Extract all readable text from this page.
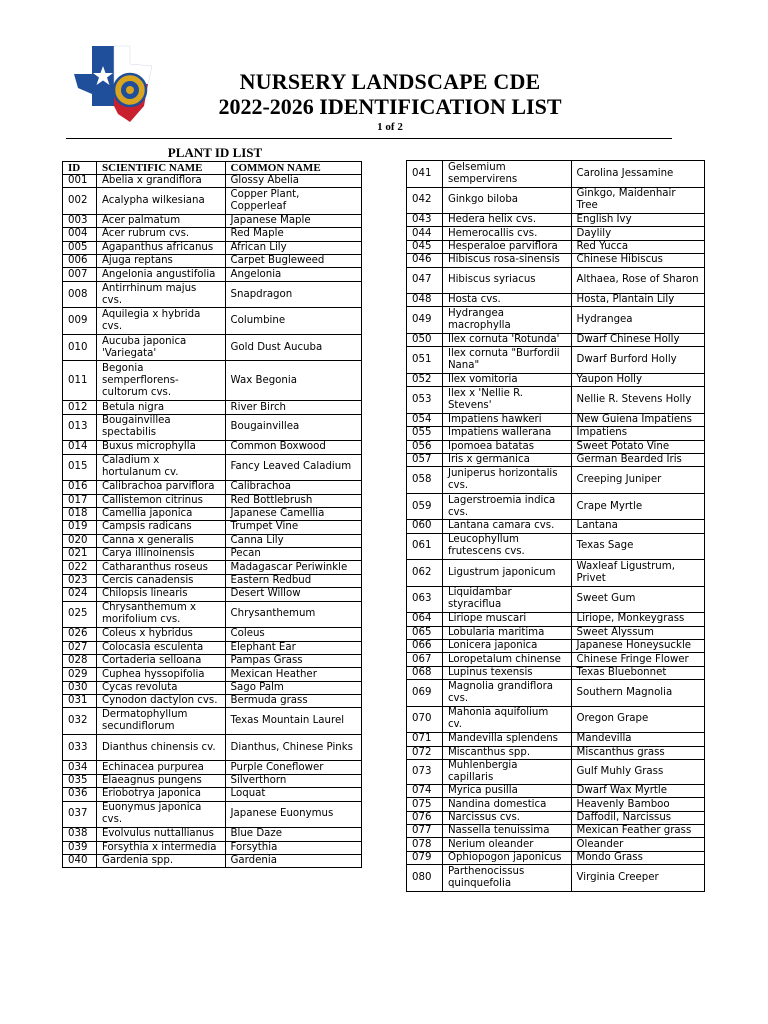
NURSERY LANDSCAPE CDE
2022-2026 IDENTIFICATION LIST
1 of 2
PLANT ID LIST
ID	SCIENTIFIC NAME	COMMON NAME
001	Abelia x grandiflora	Glossy Abelia
002	Acalypha wilkesiana	Copper Plant, Copperleaf
003	Acer palmatum	Japanese Maple
004	Acer rubrum cvs.	Red Maple
005	Agapanthus africanus	African Lily
006	Ajuga reptans	Carpet Bugleweed
007	Angelonia angustifolia	Angelonia
008	Antirrhinum majus cvs.	Snapdragon
009	Aquilegia x hybrida cvs.	Columbine
010	Aucuba japonica 'Variegata'	Gold Dust Aucuba
011	Begonia semperflorens-cultorum cvs.	Wax Begonia
012	Betula nigra	River Birch
013	Bougainvillea spectabilis	Bougainvillea
014	Buxus microphylla	Common Boxwood
015	Caladium x hortulanum cv.	Fancy Leaved Caladium
016	Calibrachoa parviflora	Calibrachoa
017	Callistemon citrinus	Red Bottlebrush
018	Camellia japonica	Japanese Camellia
019	Campsis radicans	Trumpet Vine
020	Canna x generalis	Canna Lily
021	Carya illinoinensis	Pecan
022	Catharanthus roseus	Madagascar Periwinkle
023	Cercis canadensis	Eastern Redbud
024	Chilopsis linearis	Desert Willow
025	Chrysanthemum x morifolium cvs.	Chrysanthemum
026	Coleus x hybridus	Coleus
027	Colocasia esculenta	Elephant Ear
028	Cortaderia selloana	Pampas Grass
029	Cuphea hyssopifolia	Mexican Heather
030	Cycas revoluta	Sago Palm
031	Cynodon dactylon cvs.	Bermuda grass
032	Dermatophyllum secundiflorum	Texas Mountain Laurel
033	Dianthus chinensis cv.	Dianthus, Chinese Pinks
034	Echinacea purpurea	Purple Coneflower
035	Elaeagnus pungens	Silverthorn
036	Eriobotrya japonica	Loquat
037	Euonymus japonica cvs.	Japanese Euonymus
038	Evolvulus nuttallianus	Blue Daze
039	Forsythia x intermedia	Forsythia
040	Gardenia spp.	Gardenia
041	Gelsemium sempervirens	Carolina Jessamine
042	Ginkgo biloba	Ginkgo, Maidenhair Tree
043	Hedera helix cvs.	English Ivy
044	Hemerocallis cvs.	Daylily
045	Hesperaloe parviflora	Red Yucca
046	Hibiscus rosa-sinensis	Chinese Hibiscus
047	Hibiscus syriacus	Althaea, Rose of Sharon
048	Hosta cvs.	Hosta, Plantain Lily
049	Hydrangea macrophylla	Hydrangea
050	Ilex cornuta 'Rotunda'	Dwarf Chinese Holly
051	Ilex cornuta "Burfordii Nana"	Dwarf Burford Holly
052	Ilex vomitoria	Yaupon Holly
053	Ilex x 'Nellie R. Stevens'	Nellie R. Stevens Holly
054	Impatiens hawkeri	New Guiena Impatiens
055	Impatiens wallerana	Impatiens
056	Ipomoea batatas	Sweet Potato Vine
057	Iris x germanica	German Bearded Iris
058	Juniperus horizontalis cvs.	Creeping Juniper
059	Lagerstroemia indica cvs.	Crape Myrtle
060	Lantana camara cvs.	Lantana
061	Leucophyllum frutescens cvs.	Texas Sage
062	Ligustrum japonicum	Waxleaf Ligustrum, Privet
063	Liquidambar styraciflua	Sweet Gum
064	Liriope muscari	Liriope, Monkeygrass
065	Lobularia maritima	Sweet Alyssum
066	Lonicera japonica	Japanese Honeysuckle
067	Loropetalum chinense	Chinese Fringe Flower
068	Lupinus texensis	Texas Bluebonnet
069	Magnolia grandiflora cvs.	Southern Magnolia
070	Mahonia aquifolium cv.	Oregon Grape
071	Mandevilla splendens	Mandevilla
072	Miscanthus spp.	Miscanthus grass
073	Muhlenbergia capillaris	Gulf Muhly Grass
074	Myrica pusilla	Dwarf Wax Myrtle
075	Nandina domestica	Heavenly Bamboo
076	Narcissus cvs.	Daffodil, Narcissus
077	Nassella tenuissima	Mexican Feather grass
078	Nerium oleander	Oleander
079	Ophiopogon japonicus	Mondo Grass
080	Parthenocissus quinquefolia	Virginia Creeper
